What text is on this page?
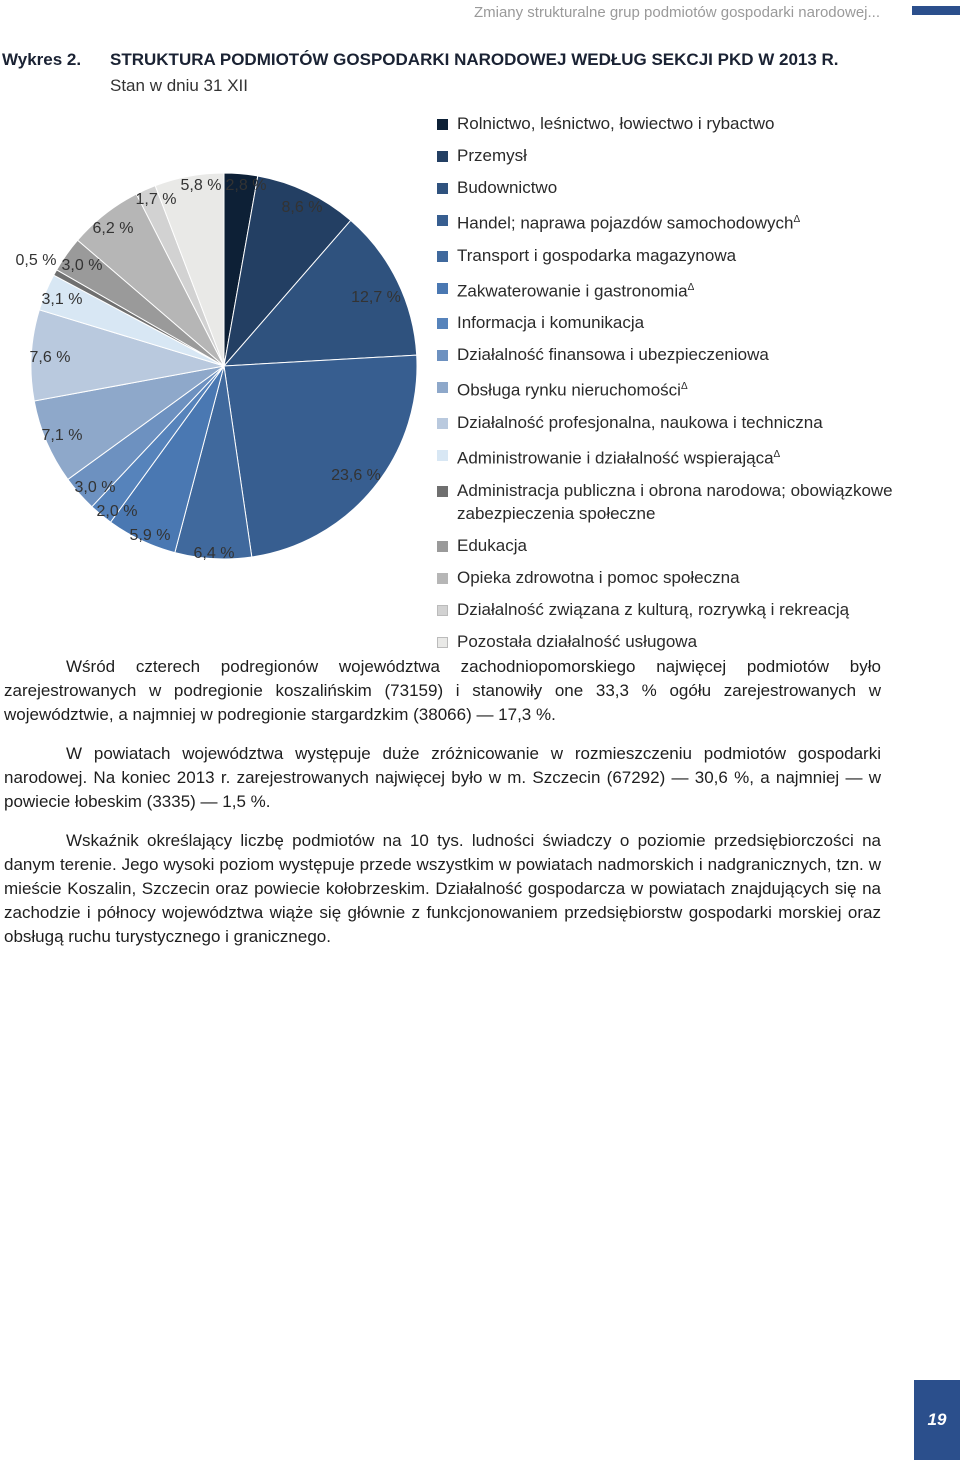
Zmiany strukturalne grup podmiotów gospodarki narodowej...
Wykres 2. STRUKTURA PODMIOTÓW GOSPODARKI NARODOWEJ WEDŁUG SEKCJI PKD W 2013 R.
Stan w dniu 31 XII
2,8 %
8,6 %
12,7 %
23,6 %
6,4 %
5,9 %
2,0 %
3,0 %
7,1 %
7,6 %
3,1 %
0,5 % 3,0 %
6,2 %
1,7 %
5,8 %
Rolnictwo, leśnictwo, łowiectwo i rybactwo
Przemysł
Budownictwo
Handel; naprawa pojazdów samochodowych$^\Delta$
Transport i gospodarka magazynowa
Zakwaterowanie i gastronomia$^\Delta$
Informacja i komunikacja
Działalność finansowa i ubezpieczeniowa
Obsługa rynku nieruchomości$^\Delta$
Działalność profesjonalna, naukowa i techniczna
Administrowanie i działalność wspierająca$^\Delta$
Administracja publiczna i obrona narodowa; obowiązkowe zabezpieczenia społeczne
Edukacja
Opieka zdrowotna i pomoc społeczna
Działalność związana z kulturą, rozrywką i rekreacją
Pozostała działalność usługowa

Wśród czterech podregionów województwa zachodniopomorskiego najwięcej podmiotów było zarejestrowanych w podregionie koszalińskim (73159) i stanowiły one 33,3 % ogółu zarejestrowanych w województwie, a najmniej w podregionie stargardzkim (38066) — 17,3 %.

W powiatach województwa występuje duże zróżnicowanie w rozmieszczeniu podmiotów gospodarki narodowej. Na koniec 2013 r. zarejestrowanych najwięcej było w m. Szczecin (67292) — 30,6 %, a najmniej — w powiecie łobeskim (3335) — 1,5 %.

Wskaźnik określający liczbę podmiotów na 10 tys. ludności świadczy o poziomie przedsiębiorczości na danym terenie. Jego wysoki poziom występuje przede wszystkim w powiatach nadmorskich i nadgranicznych, tzn. w mieście Koszalin, Szczecin oraz powiecie kołobrzeskim. Działalność gospodarcza w powiatach znajdujących się na zachodzie i północy województwa wiąże się głównie z funkcjonowaniem przedsiębiorstw gospodarki morskiej oraz obsługą ruchu turystycznego i granicznego.

19
